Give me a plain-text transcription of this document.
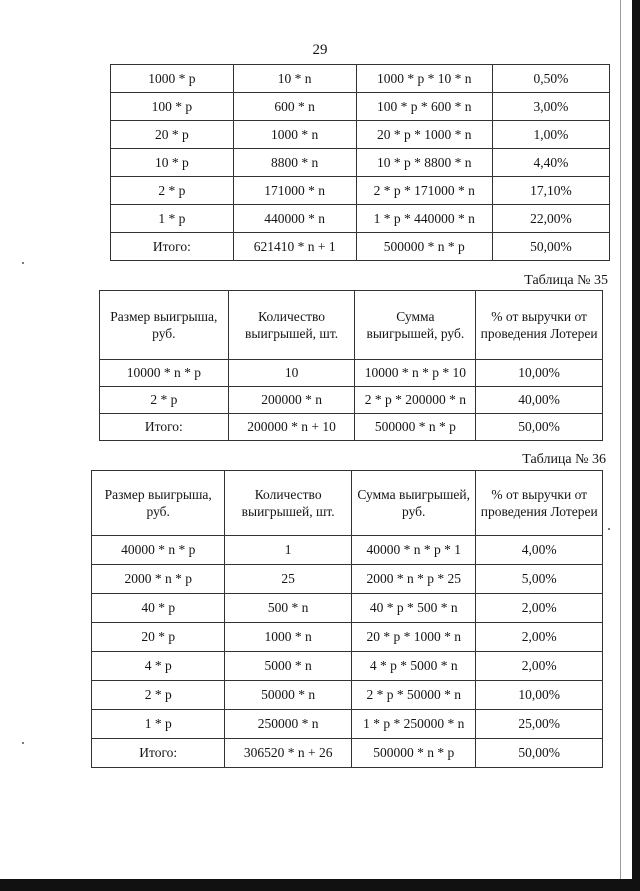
29
1000 * р	10 * n	1000 * р * 10 * n	0,50%
100 * р	600 * n	100 * р * 600 * n	3,00%
20 * р	1000 * n	20 * р * 1000 * n	1,00%
10 * р	8800 * n	10 * р * 8800 * n	4,40%
2 * р	171000 * n	2 * р * 171000 * n	17,10%
1 * р	440000 * n	1 * р * 440000 * n	22,00%
Итого:	621410 * n + 1	500000 * n * р	50,00%
Таблица № 35
Размер выигрыша, руб.	Количество выигрышей, шт.	Сумма выигрышей, руб.	% от выручки от проведения Лотереи
10000 * n * р	10	10000 * n * р * 10	10,00%
2 * р	200000 * n	2 * р * 200000 * n	40,00%
Итого:	200000 * n + 10	500000 * n * р	50,00%
Таблица № 36
Размер выигрыша, руб.	Количество выигрышей, шт.	Сумма выигрышей, руб.	% от выручки от проведения Лотереи
40000 * n * р	1	40000 * n * р * 1	4,00%
2000 * n * р	25	2000 * n * р * 25	5,00%
40 * р	500 * n	40 * р * 500 * n	2,00%
20 * р	1000 * n	20 * р * 1000 * n	2,00%
4 * р	5000 * n	4 * р * 5000 * n	2,00%
2 * р	50000 * n	2 * р * 50000 * n	10,00%
1 * р	250000 * n	1 * р * 250000 * n	25,00%
Итого:	306520 * n + 26	500000 * n * р	50,00%
